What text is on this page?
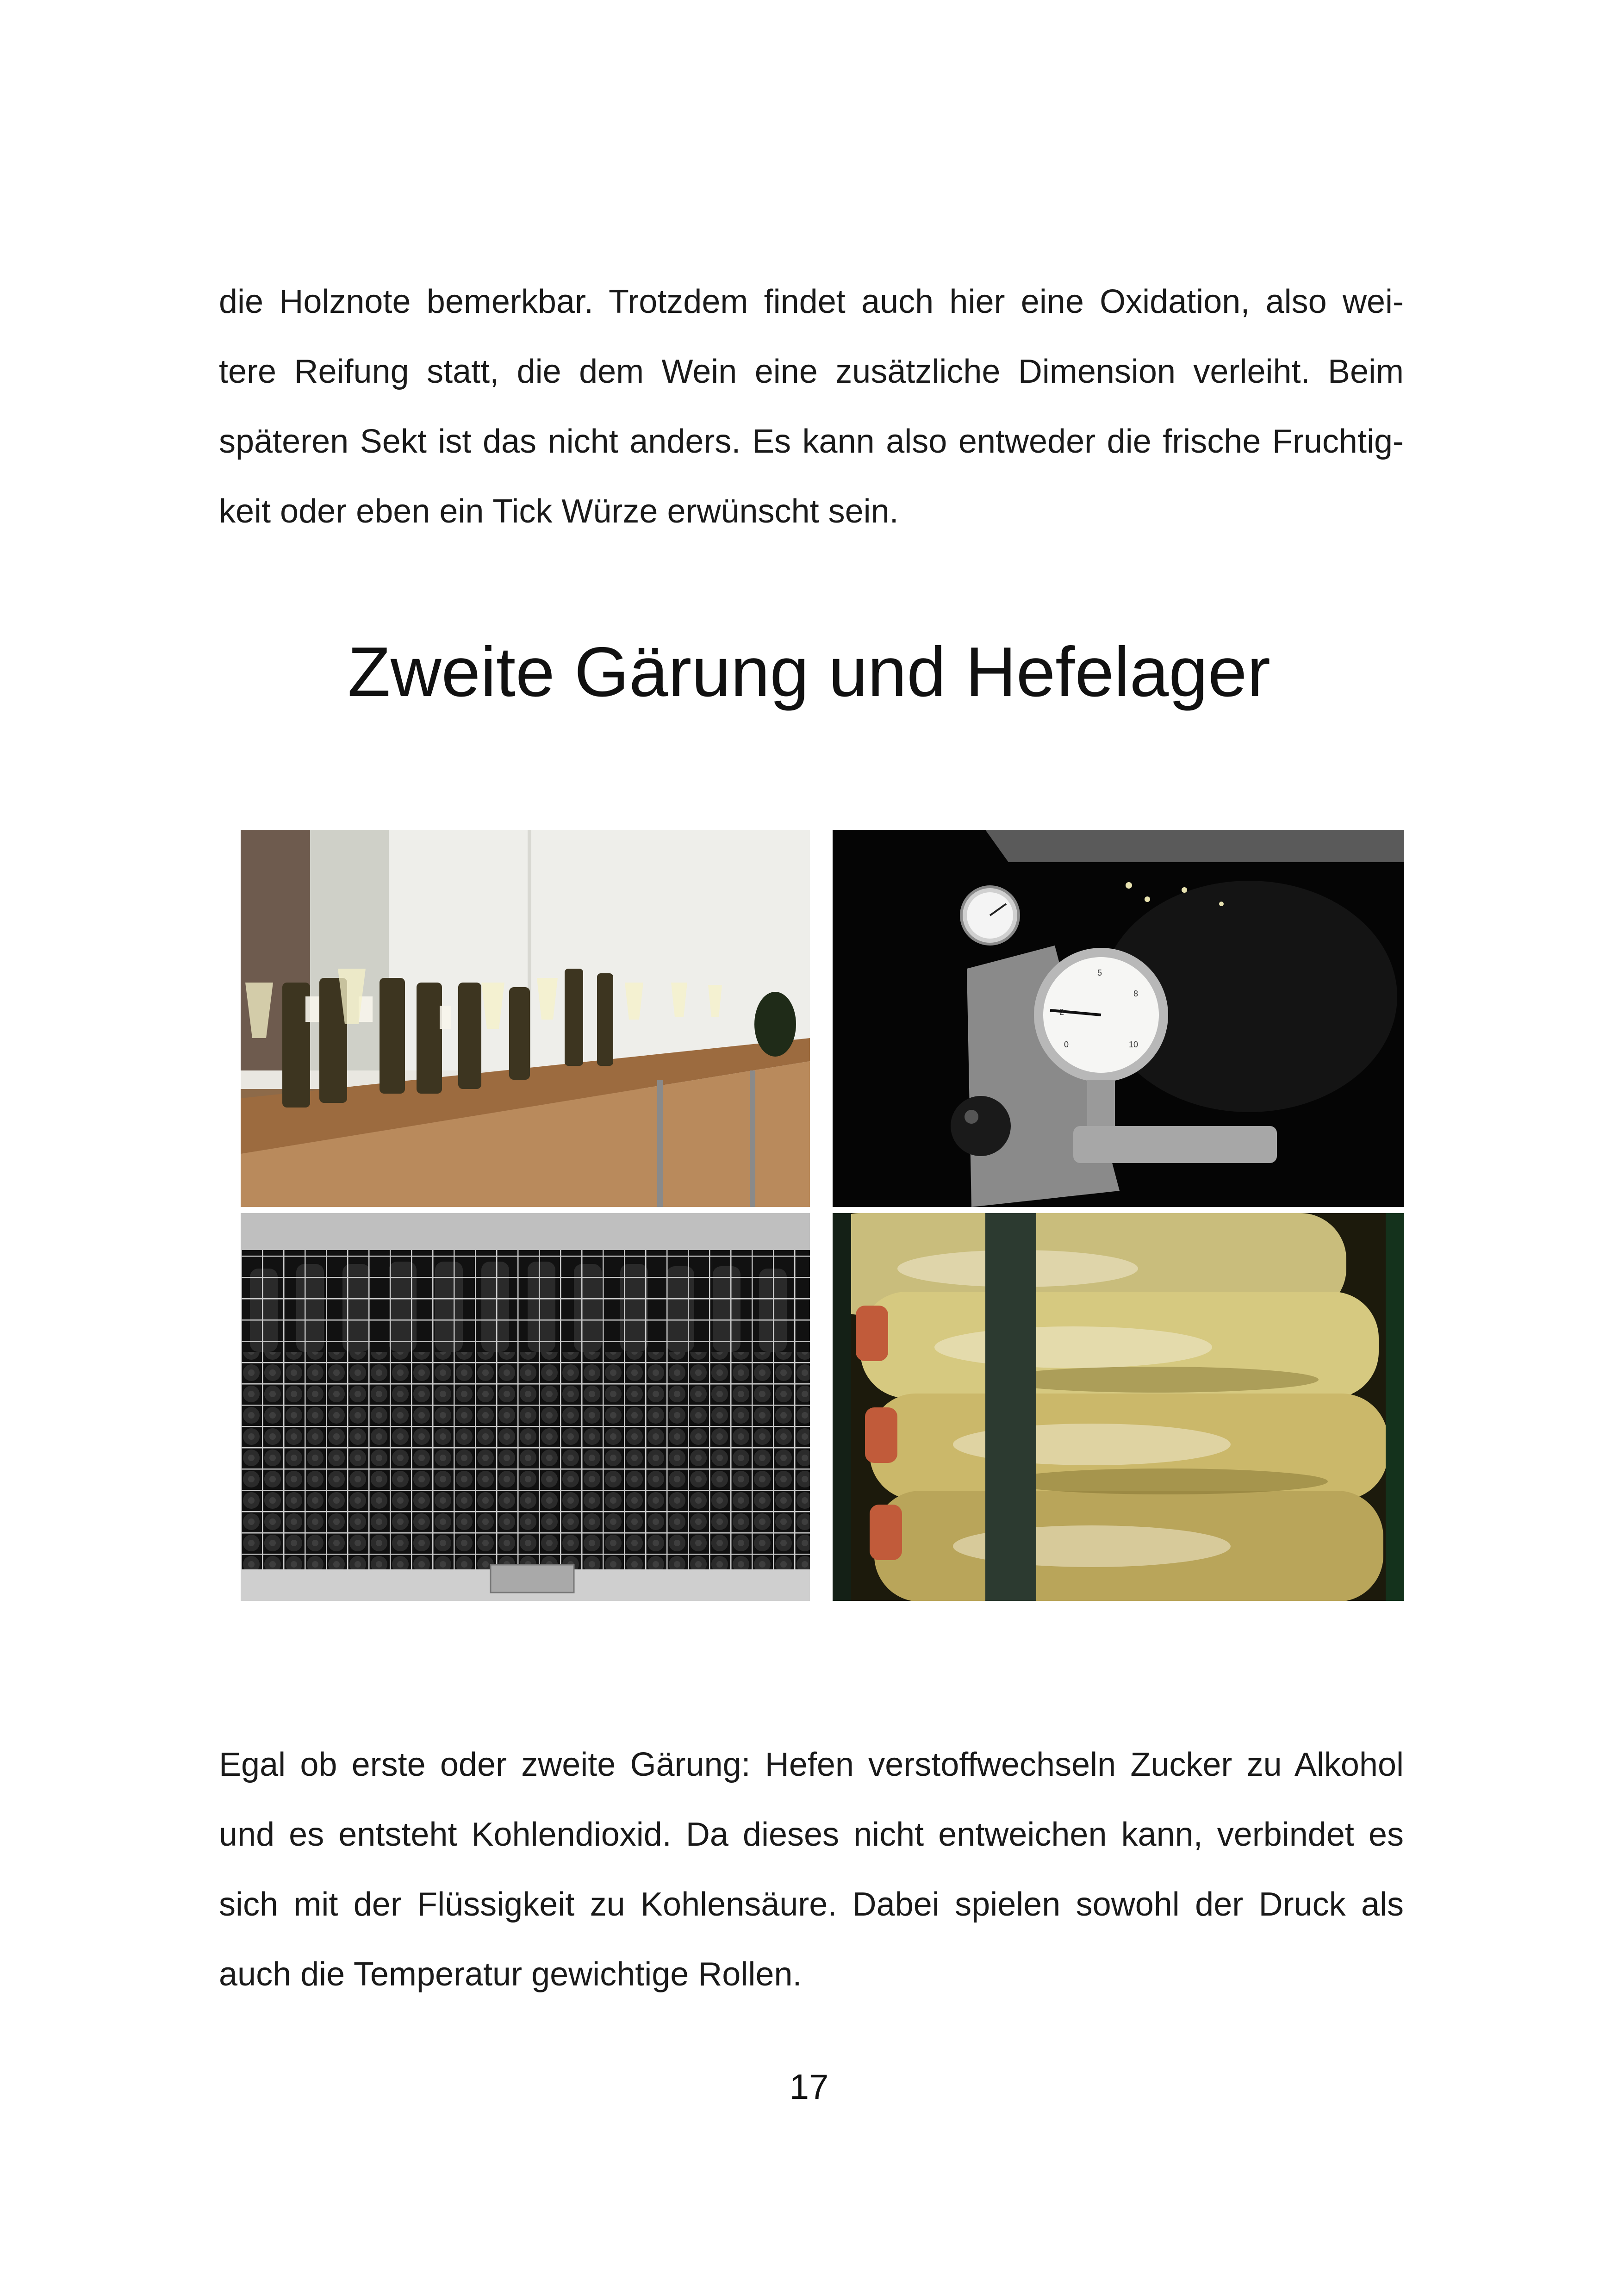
die Holznote bemerkbar. Trotzdem findet auch hier eine Oxidation, also wei-
tere Reifung statt, die dem Wein eine zusätzliche Dimension verleiht. Beim
späteren Sekt ist das nicht anders. Es kann also entweder die frische Fruchtig-
keit oder eben ein Tick Würze erwünscht sein.
Zweite Gärung und Hefelager
0
2
5
8
10
Egal ob erste oder zweite Gärung: Hefen verstoffwechseln Zucker zu Alkohol
und es entsteht Kohlendioxid. Da dieses nicht entweichen kann, verbindet es
sich mit der Flüssigkeit zu Kohlensäure. Dabei spielen sowohl der Druck als
auch die Temperatur gewichtige Rollen.
17
